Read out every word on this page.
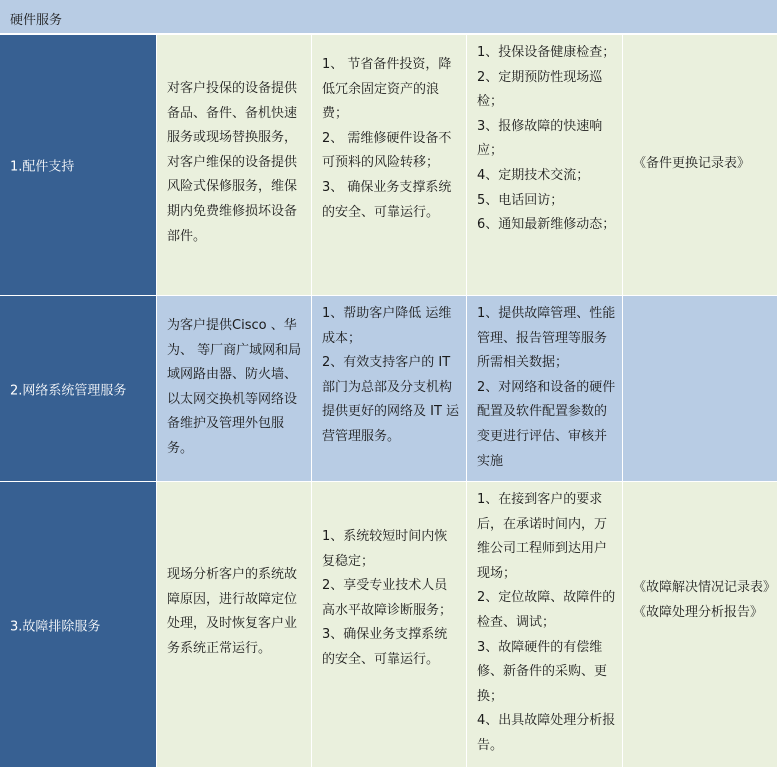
硬件服务
1.配件支持
对客户投保的设备提供备品、备件、备机快速服务或现场替换服务，对客户维保的设备提供风险式保修服务，维保期内免费维修损坏设备部件。
1、 节省备件投资，降低冗余固定资产的浪费；
2、 需维修硬件设备不可预料的风险转移；
3、 确保业务支撑系统的安全、可靠运行。
1、投保设备健康检查；
2、定期预防性现场巡检；
3、报修故障的快速响应；
4、定期技术交流；
5、电话回访；
6、通知最新维修动态；
《备件更换记录表》
2.网络系统管理服务
为客户提供Cisco 、华为、 等厂商广域网和局域网路由器、防火墙、以太网交换机等网络设备维护及管理外包服务。
1、帮助客户降低 运维成本；
2、有效支持客户的 IT 部门为总部及分支机构提供更好的网络及 IT 运营管理服务。
1、提供故障管理、性能管理、报告管理等服务所需相关数据；
2、对网络和设备的硬件配置及软件配置参数的变更进行评估、审核并实施
3.故障排除服务
现场分析客户的系统故障原因，进行故障定位处理，及时恢复客户业务系统正常运行。
1、系统较短时间内恢复稳定；
2、享受专业技术人员高水平故障诊断服务；
3、确保业务支撑系统的安全、可靠运行。
1、在接到客户的要求后，在承诺时间内，万维公司工程师到达用户现场；
2、定位故障、故障件的检查、调试；
3、故障硬件的有偿维修、新备件的采购、更换；
4、出具故障处理分析报告。
《故障解决情况记录表》
《故障处理分析报告》
